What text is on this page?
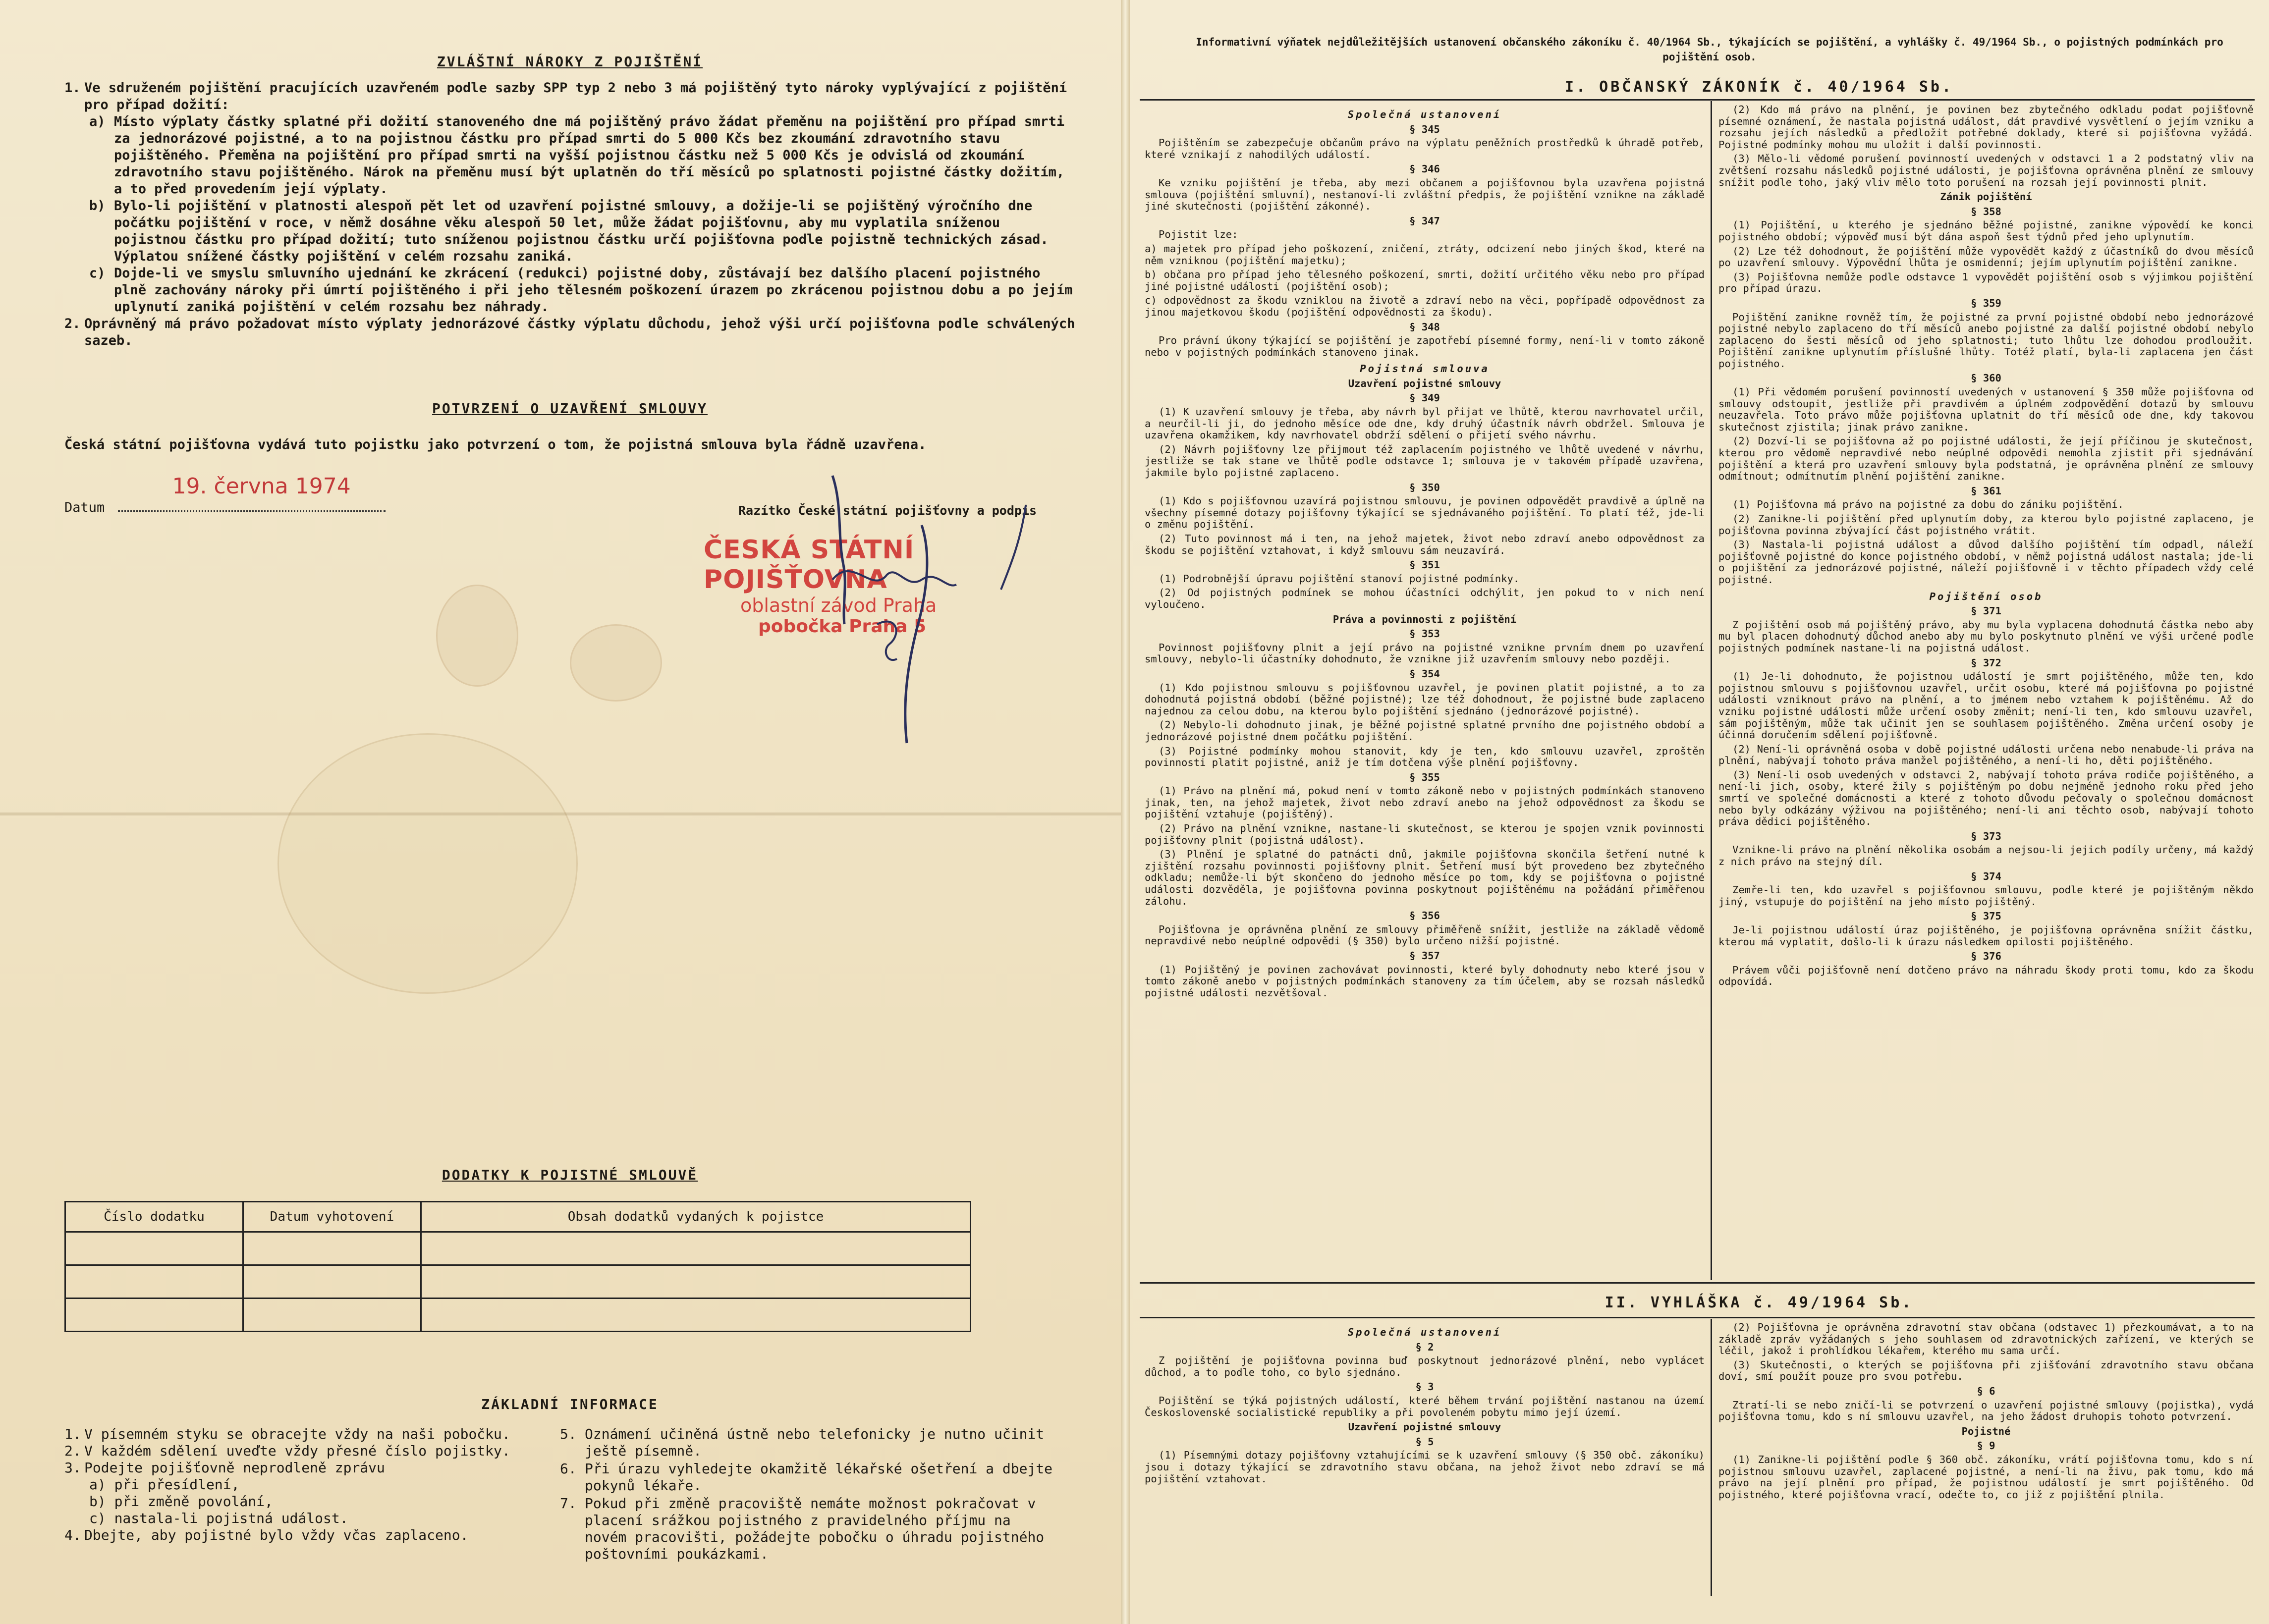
ZVLÁŠTNÍ NÁROKY Z POJIŠTĚNÍ
1. Ve sdruženém pojištění pracujících uzavřeném podle sazby SPP typ 2 nebo 3 má pojištěný tyto nároky vyplývající z pojištění pro případ dožití:
a) Místo výplaty částky splatné při dožití stanoveného dne má pojištěný právo žádat přeměnu na pojištění pro případ smrti za jednorázové pojistné, a to na pojistnou částku pro případ smrti do 5 000 Kčs bez zkoumání zdravotního stavu pojištěného. Přeměna na pojištění pro případ smrti na vyšší pojistnou částku než 5 000 Kčs je odvislá od zkoumání zdravotního stavu pojištěného. Nárok na přeměnu musí být uplatněn do tří měsíců po splatnosti pojistné částky dožitím, a to před provedením její výplaty.
b) Bylo-li pojištění v platnosti alespoň pět let od uzavření pojistné smlouvy, a dožije-li se pojištěný výročního dne počátku pojištění v roce, v němž dosáhne věku alespoň 50 let, může žádat pojišťovnu, aby mu vyplatila sníženou pojistnou částku pro případ dožití; tuto sníženou pojistnou částku určí pojišťovna podle pojistně technických zásad. Výplatou snížené částky pojištění v celém rozsahu zaniká.
c) Dojde-li ve smyslu smluvního ujednání ke zkrácení (redukci) pojistné doby, zůstávají bez dalšího placení pojistného plně zachovány nároky při úmrtí pojištěného i při jeho tělesném poškození úrazem po zkrácenou pojistnou dobu a po jejím uplynutí zaniká pojištění v celém rozsahu bez náhrady.
2. Oprávněný má právo požadovat místo výplaty jednorázové částky výplatu důchodu, jehož výši určí pojišťovna podle schválených sazeb.
POTVRZENÍ O UZAVŘENÍ SMLOUVY
Česká státní pojišťovna vydává tuto pojistku jako potvrzení o tom, že pojistná smlouva byla řádně uzavřena.
Datum
19. června 1974
Razítko České státní pojišťovny a podpis
ČESKÁ STÁTNÍ POJIŠŤOVNA
oblastní závod Praha
pobočka Praha 5
DODATKY K POJISTNÉ SMLOUVĚ
Číslo dodatku	Datum vyhotovení	Obsah dodatků vydaných k pojistce

ZÁKLADNÍ INFORMACE
1. V písemném styku se obracejte vždy na naši pobočku.
2. V každém sdělení uveďte vždy přesné číslo pojistky.
3. Podejte pojišťovně neprodleně zprávu
a) při přesídlení,
b) při změně povolání,
c) nastala-li pojistná událost.
4. Dbejte, aby pojistné bylo vždy včas zaplaceno.
5. Oznámení učiněná ústně nebo telefonicky je nutno učinit ještě písemně.
6. Při úrazu vyhledejte okamžitě lékařské ošetření a dbejte pokynů lékaře.
7. Pokud při změně pracoviště nemáte možnost pokračovat v placení srážkou pojistného z pravidelného příjmu na novém pracovišti, požádejte pobočku o úhradu pojistného poštovními poukázkami.
Informativní výňatek nejdůležitějších ustanovení občanského zákoníku č. 40/1964 Sb., týkajících se pojištění, a vyhlášky č. 49/1964 Sb., o pojistných podmínkách pro pojištění osob.
I. OBČANSKÝ ZÁKONÍK č. 40/1964 Sb.
II. VYHLÁŠKA č. 49/1964 Sb.
Společná ustanovení
§ 345

Pojištěním se zabezpečuje občanům právo na výplatu peněžních prostředků k úhradě potřeb, které vznikají z nahodilých událostí.

§ 346

Ke vzniku pojištění je třeba, aby mezi občanem a pojišťovnou byla uzavřena pojistná smlouva (pojištění smluvní), nestanoví-li zvláštní předpis, že pojištění vznikne na základě jiné skutečnosti (pojištění zákonné).

§ 347

Pojistit lze:

a) majetek pro případ jeho poškození, zničení, ztráty, odcizení nebo jiných škod, které na něm vzniknou (pojištění majetku);

b) občana pro případ jeho tělesného poškození, smrti, dožití určitého věku nebo pro případ jiné pojistné události (pojištění osob);

c) odpovědnost za škodu vzniklou na životě a zdraví nebo na věci, popřípadě odpovědnost za jinou majetkovou škodu (pojištění odpovědnosti za škodu).

§ 348

Pro právní úkony týkající se pojištění je zapotřebí písemné formy, není-li v tomto zákoně nebo v pojistných podmínkách stanoveno jinak.

Pojistná smlouva
Uzavření pojistné smlouvy
§ 349

(1) K uzavření smlouvy je třeba, aby návrh byl přijat ve lhůtě, kterou navrhovatel určil, a neurčil-li ji, do jednoho měsíce ode dne, kdy druhý účastník návrh obdržel. Smlouva je uzavřena okamžikem, kdy navrhovatel obdrží sdělení o přijetí svého návrhu.

(2) Návrh pojišťovny lze přijmout též zaplacením pojistného ve lhůtě uvedené v návrhu, jestliže se tak stane ve lhůtě podle odstavce 1; smlouva je v takovém případě uzavřena, jakmile bylo pojistné zaplaceno.

§ 350

(1) Kdo s pojišťovnou uzavírá pojistnou smlouvu, je povinen odpovědět pravdivě a úplně na všechny písemné dotazy pojišťovny týkající se sjednávaného pojištění. To platí též, jde-li o změnu pojištění.

(2) Tuto povinnost má i ten, na jehož majetek, život nebo zdraví anebo odpovědnost za škodu se pojištění vztahovat, i když smlouvu sám neuzavírá.

§ 351

(1) Podrobnější úpravu pojištění stanoví pojistné podmínky.

(2) Od pojistných podmínek se mohou účastníci odchýlit, jen pokud to v nich není vyloučeno.

Práva a povinnosti z pojištění
§ 353

Povinnost pojišťovny plnit a její právo na pojistné vznikne prvním dnem po uzavření smlouvy, nebylo-li účastníky dohodnuto, že vznikne již uzavřením smlouvy nebo později.

§ 354

(1) Kdo pojistnou smlouvu s pojišťovnou uzavřel, je povinen platit pojistné, a to za dohodnutá pojistná období (běžné pojistné); lze též dohodnout, že pojistné bude zaplaceno najednou za celou dobu, na kterou bylo pojištění sjednáno (jednorázové pojistné).

(2) Nebylo-li dohodnuto jinak, je běžné pojistné splatné prvního dne pojistného období a jednorázové pojistné dnem počátku pojištění.

(3) Pojistné podmínky mohou stanovit, kdy je ten, kdo smlouvu uzavřel, zproštěn povinnosti platit pojistné, aniž je tím dotčena výše plnění pojišťovny.

§ 355

(1) Právo na plnění má, pokud není v tomto zákoně nebo v pojistných podmínkách stanoveno jinak, ten, na jehož majetek, život nebo zdraví anebo na jehož odpovědnost za škodu se pojištění vztahuje (pojištěný).

(2) Právo na plnění vznikne, nastane-li skutečnost, se kterou je spojen vznik povinnosti pojišťovny plnit (pojistná událost).

(3) Plnění je splatné do patnácti dnů, jakmile pojišťovna skončila šetření nutné k zjištění rozsahu povinnosti pojišťovny plnit. Šetření musí být provedeno bez zbytečného odkladu; nemůže-li být skončeno do jednoho měsíce po tom, kdy se pojišťovna o pojistné události dozvěděla, je pojišťovna povinna poskytnout pojištěnému na požádání přiměřenou zálohu.

§ 356

Pojišťovna je oprávněna plnění ze smlouvy přiměřeně snížit, jestliže na základě vědomě nepravdivé nebo neúplné odpovědi (§ 350) bylo určeno nižší pojistné.

§ 357

(1) Pojištěný je povinen zachovávat povinnosti, které byly dohodnuty nebo které jsou v tomto zákoně anebo v pojistných podmínkách stanoveny za tím účelem, aby se rozsah následků pojistné události nezvětšoval.

(2) Kdo má právo na plnění, je povinen bez zbytečného odkladu podat pojišťovně písemné oznámení, že nastala pojistná událost, dát pravdivé vysvětlení o jejím vzniku a rozsahu jejích následků a předložit potřebné doklady, které si pojišťovna vyžádá. Pojistné podmínky mohou mu uložit i další povinnosti.

(3) Mělo-li vědomé porušení povinností uvedených v odstavci 1 a 2 podstatný vliv na zvětšení rozsahu následků pojistné události, je pojišťovna oprávněna plnění ze smlouvy snížit podle toho, jaký vliv mělo toto porušení na rozsah její povinnosti plnit.

Zánik pojištění
§ 358

(1) Pojištění, u kterého je sjednáno běžné pojistné, zanikne výpovědí ke konci pojistného období; výpověď musí být dána aspoň šest týdnů před jeho uplynutím.

(2) Lze též dohodnout, že pojištění může vypovědět každý z účastníků do dvou měsíců po uzavření smlouvy. Výpovědní lhůta je osmidenní; jejím uplynutím pojištění zanikne.

(3) Pojišťovna nemůže podle odstavce 1 vypovědět pojištění osob s výjimkou pojištění pro případ úrazu.

§ 359

Pojištění zanikne rovněž tím, že pojistné za první pojistné období nebo jednorázové pojistné nebylo zaplaceno do tří měsíců anebo pojistné za další pojistné období nebylo zaplaceno do šesti měsíců od jeho splatnosti; tuto lhůtu lze dohodou prodloužit. Pojištění zanikne uplynutím příslušné lhůty. Totéž platí, byla-li zaplacena jen část pojistného.

§ 360

(1) Při vědomém porušení povinností uvedených v ustanovení § 350 může pojišťovna od smlouvy odstoupit, jestliže při pravdivém a úplném zodpovědění dotazů by smlouvu neuzavřela. Toto právo může pojišťovna uplatnit do tří měsíců ode dne, kdy takovou skutečnost zjistila; jinak právo zanikne.

(2) Dozví-li se pojišťovna až po pojistné události, že její příčinou je skutečnost, kterou pro vědomě nepravdivé nebo neúplné odpovědi nemohla zjistit při sjednávání pojištění a která pro uzavření smlouvy byla podstatná, je oprávněna plnění ze smlouvy odmítnout; odmítnutím plnění pojištění zanikne.

§ 361

(1) Pojišťovna má právo na pojistné za dobu do zániku pojištění.

(2) Zanikne-li pojištění před uplynutím doby, za kterou bylo pojistné zaplaceno, je pojišťovna povinna zbývající část pojistného vrátit.

(3) Nastala-li pojistná událost a důvod dalšího pojištění tím odpadl, náleží pojišťovně pojistné do konce pojistného období, v němž pojistná událost nastala; jde-li o pojištění za jednorázové pojistné, náleží pojišťovně i v těchto případech vždy celé pojistné.

Pojištění osob
§ 371

Z pojištění osob má pojištěný právo, aby mu byla vyplacena dohodnutá částka nebo aby mu byl placen dohodnutý důchod anebo aby mu bylo poskytnuto plnění ve výši určené podle pojistných podmínek nastane-li na pojistná událost.

§ 372

(1) Je-li dohodnuto, že pojistnou událostí je smrt pojištěného, může ten, kdo pojistnou smlouvu s pojišťovnou uzavřel, určit osobu, které má pojišťovna po pojistné události vzniknout právo na plnění, a to jménem nebo vztahem k pojištěnému. Až do vzniku pojistné události může určení osoby změnit; není-li ten, kdo smlouvu uzavřel, sám pojištěným, může tak učinit jen se souhlasem pojištěného. Změna určení osoby je účinná doručením sdělení pojišťovně.

(2) Není-li oprávněná osoba v době pojistné události určena nebo nenabude-li práva na plnění, nabývají tohoto práva manžel pojištěného, a není-li ho, děti pojištěného.

(3) Není-li osob uvedených v odstavci 2, nabývají tohoto práva rodiče pojištěného, a není-li jich, osoby, které žily s pojištěným po dobu nejméně jednoho roku před jeho smrtí ve společné domácnosti a které z tohoto důvodu pečovaly o společnou domácnost nebo byly odkázány výživou na pojištěného; není-li ani těchto osob, nabývají tohoto práva dědici pojištěného.

§ 373

Vznikne-li právo na plnění několika osobám a nejsou-li jejich podíly určeny, má každý z nich právo na stejný díl.

§ 374

Zemře-li ten, kdo uzavřel s pojišťovnou smlouvu, podle které je pojištěným někdo jiný, vstupuje do pojištění na jeho místo pojištěný.

§ 375

Je-li pojistnou událostí úraz pojištěného, je pojišťovna oprávněna snížit částku, kterou má vyplatit, došlo-li k úrazu následkem opilosti pojištěného.

§ 376

Právem vůči pojišťovně není dotčeno právo na náhradu škody proti tomu, kdo za škodu odpovídá.

Společná ustanovení
§ 2

Z pojištění je pojišťovna povinna buď poskytnout jednorázové plnění, nebo vyplácet důchod, a to podle toho, co bylo sjednáno.

§ 3

Pojištění se týká pojistných událostí, které během trvání pojištění nastanou na území Československé socialistické republiky a při povoleném pobytu mimo její území.

Uzavření pojistné smlouvy
§ 5

(1) Písemnými dotazy pojišťovny vztahujícími se k uzavření smlouvy (§ 350 obč. zákoníku) jsou i dotazy týkající se zdravotního stavu občana, na jehož život nebo zdraví se má pojištění vztahovat.

(2) Pojišťovna je oprávněna zdravotní stav občana (odstavec 1) přezkoumávat, a to na základě zpráv vyžádaných s jeho souhlasem od zdravotnických zařízení, ve kterých se léčil, jakož i prohlídkou lékařem, kterého mu sama určí.

(3) Skutečnosti, o kterých se pojišťovna při zjišťování zdravotního stavu občana doví, smí použít pouze pro svou potřebu.

§ 6

Ztratí-li se nebo zničí-li se potvrzení o uzavření pojistné smlouvy (pojistka), vydá pojišťovna tomu, kdo s ní smlouvu uzavřel, na jeho žádost druhopis tohoto potvrzení.

Pojistné
§ 9

(1) Zanikne-li pojištění podle § 360 obč. zákoníku, vrátí pojišťovna tomu, kdo s ní pojistnou smlouvu uzavřel, zaplacené pojistné, a není-li na živu, pak tomu, kdo má právo na její plnění pro případ, že pojistnou událostí je smrt pojištěného. Od pojistného, které pojišťovna vrací, odečte to, co již z pojištění plnila.
